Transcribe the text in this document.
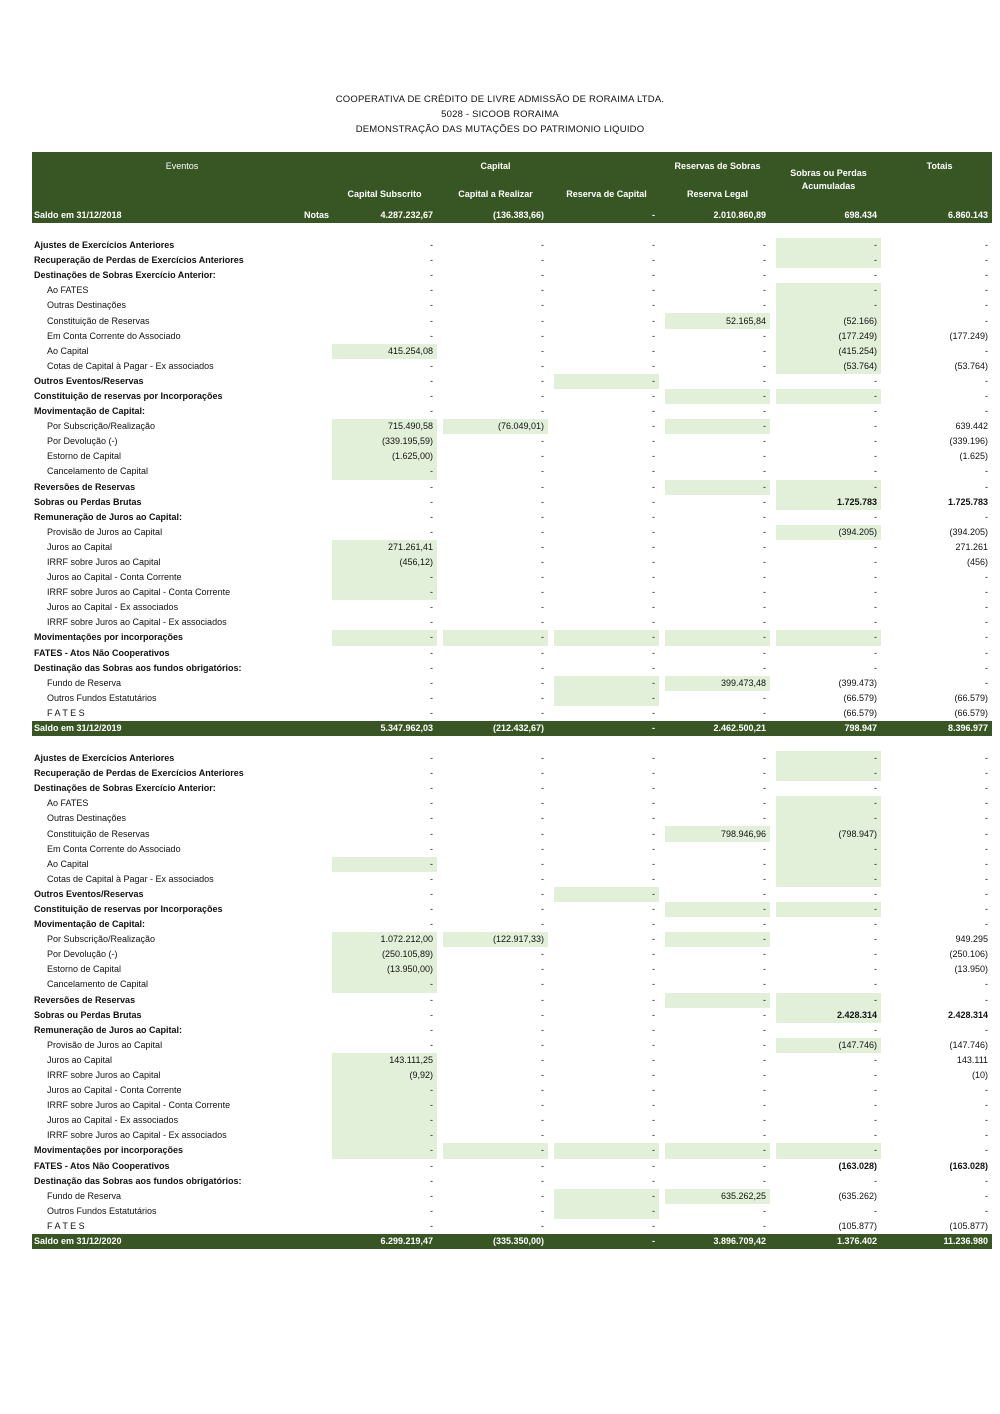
COOPERATIVA DE CRÉDITO DE LIVRE ADMISSÃO DE RORAIMA LTDA.
5028 - SICOOB RORAIMA
DEMONSTRAÇÃO DAS MUTAÇÕES DO PATRIMONIO LIQUIDO
Eventos		Capital						Reservas de Sobras		Sobras ou Perdas Acumuladas		Totais
		Capital Subscrito		Capital a Realizar		Reserva de Capital		Reserva Legal				
Saldo em 31/12/2018	Notas	4.287.232,67		(136.383,66)		-		2.010.860,89		698.434		6.860.143

Ajustes de Exercícios Anteriores		-		-		-		-		-		-
Recuperação de Perdas de Exercícios Anteriores		-		-		-		-		-		-
Destinações de Sobras Exercício Anterior:		-		-		-		-		-		-
Ao FATES		-		-		-		-		-		-
Outras Destinações		-		-		-		-		-		-
Constituição de Reservas		-		-		-		52.165,84		(52.166)		-
Em Conta Corrente do Associado		-		-		-		-		(177.249)		(177.249)
Ao Capital		415.254,08		-		-		-		(415.254)		-
Cotas de Capital à Pagar - Ex associados		-		-		-		-		(53.764)		(53.764)
Outros Eventos/Reservas		-		-		-		-		-		-
Constituição de reservas por Incorporações		-		-		-		-		-		-
Movimentação de Capital:		-		-		-		-		-		-
Por Subscrição/Realização		715.490,58		(76.049,01)		-		-		-		639.442
Por Devolução (-)		(339.195,59)		-		-		-		-		(339.196)
Estorno de Capital		(1.625,00)		-		-		-		-		(1.625)
Cancelamento de Capital		-		-		-		-		-		-
Reversões de Reservas		-		-		-		-		-		-
Sobras ou Perdas Brutas		-		-		-		-		1.725.783		1.725.783
Remuneração de Juros ao Capital:		-		-		-		-		-		-
Provisão de Juros ao Capital		-		-		-		-		(394.205)		(394.205)
Juros ao Capital		271.261,41		-		-		-		-		271.261
IRRF sobre Juros ao Capital		(456,12)		-		-		-		-		(456)
Juros ao Capital - Conta Corrente		-		-		-		-		-		-
IRRF sobre Juros ao Capital - Conta Corrente		-		-		-		-		-		-
Juros ao Capital - Ex associados		-		-		-		-		-		-
IRRF sobre Juros ao Capital - Ex associados		-		-		-		-		-		-
Movimentações por incorporações		-		-		-		-		-		-
FATES - Atos Não Cooperativos		-		-		-		-		-		-
Destinação das Sobras aos fundos obrigatórios:		-		-		-		-		-		-
Fundo de Reserva		-		-		-		399.473,48		(399.473)		-
Outros Fundos Estatutários		-		-		-		-		(66.579)		(66.579)
F A T E S		-		-		-		-		(66.579)		(66.579)
Saldo em 31/12/2019		5.347.962,03		(212.432,67)		-		2.462.500,21		798.947		8.396.977

Ajustes de Exercícios Anteriores		-		-		-		-		-		-
Recuperação de Perdas de Exercícios Anteriores		-		-		-		-		-		-
Destinações de Sobras Exercício Anterior:		-		-		-		-		-		-
Ao FATES		-		-		-		-		-		-
Outras Destinações		-		-		-		-		-		-
Constituição de Reservas		-		-		-		798.946,96		(798.947)		-
Em Conta Corrente do Associado		-		-		-		-		-		-
Ao Capital		-		-		-		-		-		-
Cotas de Capital à Pagar - Ex associados		-		-		-		-		-		-
Outros Eventos/Reservas		-		-		-		-		-		-
Constituição de reservas por Incorporações		-		-		-		-		-		-
Movimentação de Capital:		-		-		-		-		-		-
Por Subscrição/Realização		1.072.212,00		(122.917,33)		-		-		-		949.295
Por Devolução (-)		(250.105,89)		-		-		-		-		(250.106)
Estorno de Capital		(13.950,00)		-		-		-		-		(13.950)
Cancelamento de Capital		-		-		-		-		-		-
Reversões de Reservas		-		-		-		-		-		-
Sobras ou Perdas Brutas		-		-		-		-		2.428.314		2.428.314
Remuneração de Juros ao Capital:		-		-		-		-		-		-
Provisão de Juros ao Capital		-		-		-		-		(147.746)		(147.746)
Juros ao Capital		143.111,25		-		-		-		-		143.111
IRRF sobre Juros ao Capital		(9,92)		-		-		-		-		(10)
Juros ao Capital - Conta Corrente		-		-		-		-		-		-
IRRF sobre Juros ao Capital - Conta Corrente		-		-		-		-		-		-
Juros ao Capital - Ex associados		-		-		-		-		-		-
IRRF sobre Juros ao Capital - Ex associados		-		-		-		-		-		-
Movimentações por incorporações		-		-		-		-		-		-
FATES - Atos Não Cooperativos		-		-		-		-		(163.028)		(163.028)
Destinação das Sobras aos fundos obrigatórios:		-		-		-		-		-		-
Fundo de Reserva		-		-		-		635.262,25		(635.262)		-
Outros Fundos Estatutários		-		-		-		-		-		-
F A T E S		-		-		-		-		(105.877)		(105.877)
Saldo em 31/12/2020		6.299.219,47		(335.350,00)		-		3.896.709,42		1.376.402		11.236.980
